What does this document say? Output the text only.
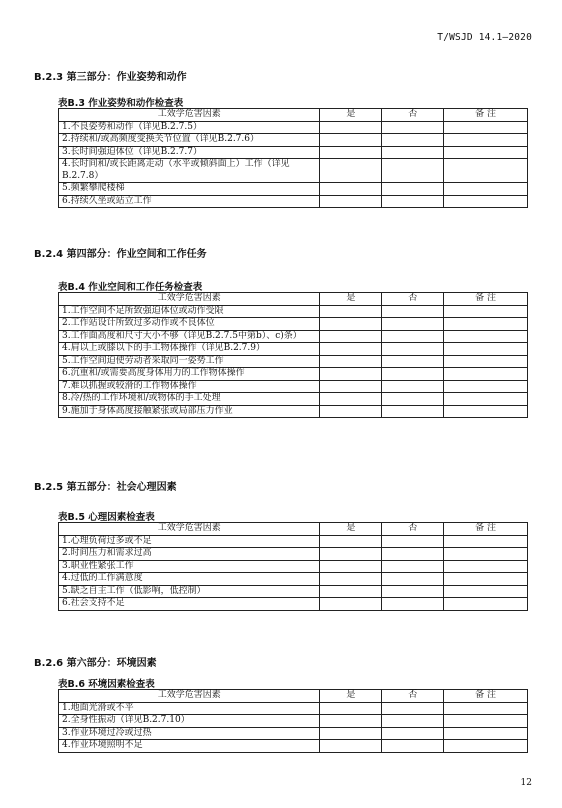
T/WSJD 14.1—2020
B.2.3 第三部分：作业姿势和动作
表B.3 作业姿势和动作检查表
工效学危害因素	是	否	备 注
1.不良姿势和动作（详见B.2.7.5）			
2.持续和/或高频度变换关节位置（详见B.2.7.6）			
3.长时间强迫体位（详见B.2.7.7）			
4.长时间和/或长距离走动（水平或倾斜面上）工作（详见B.2.7.8）			
5.频繁攀爬楼梯			
6.持续久坐或站立工作			
B.2.4 第四部分：作业空间和工作任务
表B.4 作业空间和工作任务检查表
工效学危害因素	是	否	备 注
1.工作空间不足所致强迫体位或动作受限			
2.工作站设计所致过多动作或不良体位			
3.工作面高度和尺寸大小不够（详见B.2.7.5中第b）、c)条）			
4.肩以上或膝以下的手工物体操作（详见B.2.7.9）			
5.工作空间迫使劳动者采取同一姿势工作			
6.沉重和/或需要高度身体用力的工作物体操作			
7.难以抓握或较滑的工作物体操作			
8.冷/热的工作环境和/或物体的手工处理			
9.施加于身体高度接触紧张或局部压力作业			
B.2.5 第五部分：社会心理因素
表B.5 心理因素检查表
工效学危害因素	是	否	备 注
1.心理负荷过多或不足			
2.时间压力和需求过高			
3.职业性紧张工作			
4.过低的工作满意度			
5.缺乏自主工作（低影响，低控制）			
6.社会支持不足			
B.2.6 第六部分：环境因素
表B.6 环境因素检查表
工效学危害因素	是	否	备 注
1.地面光滑或不平			
2.全身性振动（详见B.2.7.10）			
3.作业环境过冷或过热			
4.作业环境照明不足			
12
